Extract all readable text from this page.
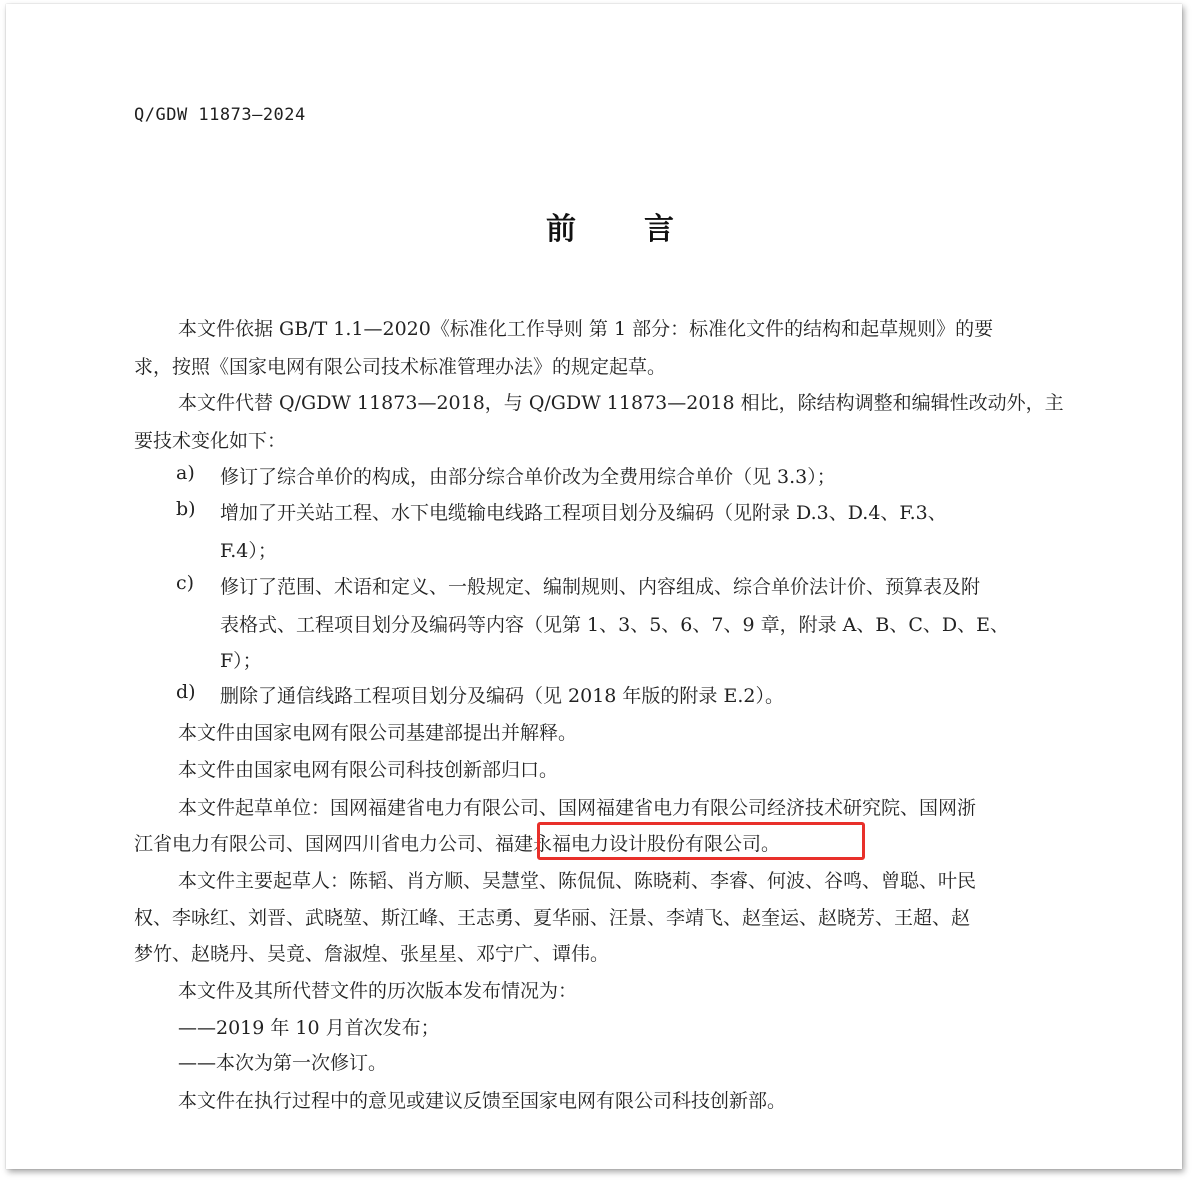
Q/GDW 11873—2024
前言
本文件依据 GB/T 1.1—2020《标准化工作导则 第 1 部分：标准化文件的结构和起草规则》的要
求，按照《国家电网有限公司技术标准管理办法》的规定起草。
本文件代替 Q/GDW 11873—2018，与 Q/GDW 11873—2018 相比，除结构调整和编辑性改动外，主
要技术变化如下：
a) 修订了综合单价的构成，由部分综合单价改为全费用综合单价（见 3.3）；
b) 增加了开关站工程、水下电缆输电线路工程项目划分及编码（见附录 D.3、D.4、F.3、
F.4）；
c) 修订了范围、术语和定义、一般规定、编制规则、内容组成、综合单价法计价、预算表及附
表格式、工程项目划分及编码等内容（见第 1、3、5、6、7、9 章，附录 A、B、C、D、E、
F）；
d) 删除了通信线路工程项目划分及编码（见 2018 年版的附录 E.2）。
本文件由国家电网有限公司基建部提出并解释。
本文件由国家电网有限公司科技创新部归口。
本文件起草单位：国网福建省电力有限公司、国网福建省电力有限公司经济技术研究院、国网浙
江省电力有限公司、国网四川省电力公司、福建永福电力设计股份有限公司。
本文件主要起草人：陈韬、肖方顺、吴慧堂、陈侃侃、陈晓莉、李睿、何波、谷鸣、曾聪、叶民
权、李咏红、刘晋、武晓堃、斯江峰、王志勇、夏华丽、汪景、李靖飞、赵奎运、赵晓芳、王超、赵
梦竹、赵晓丹、吴竟、詹淑煌、张星星、邓宁广、谭伟。
本文件及其所代替文件的历次版本发布情况为：
——2019 年 10 月首次发布；
——本次为第一次修订。
本文件在执行过程中的意见或建议反馈至国家电网有限公司科技创新部。
